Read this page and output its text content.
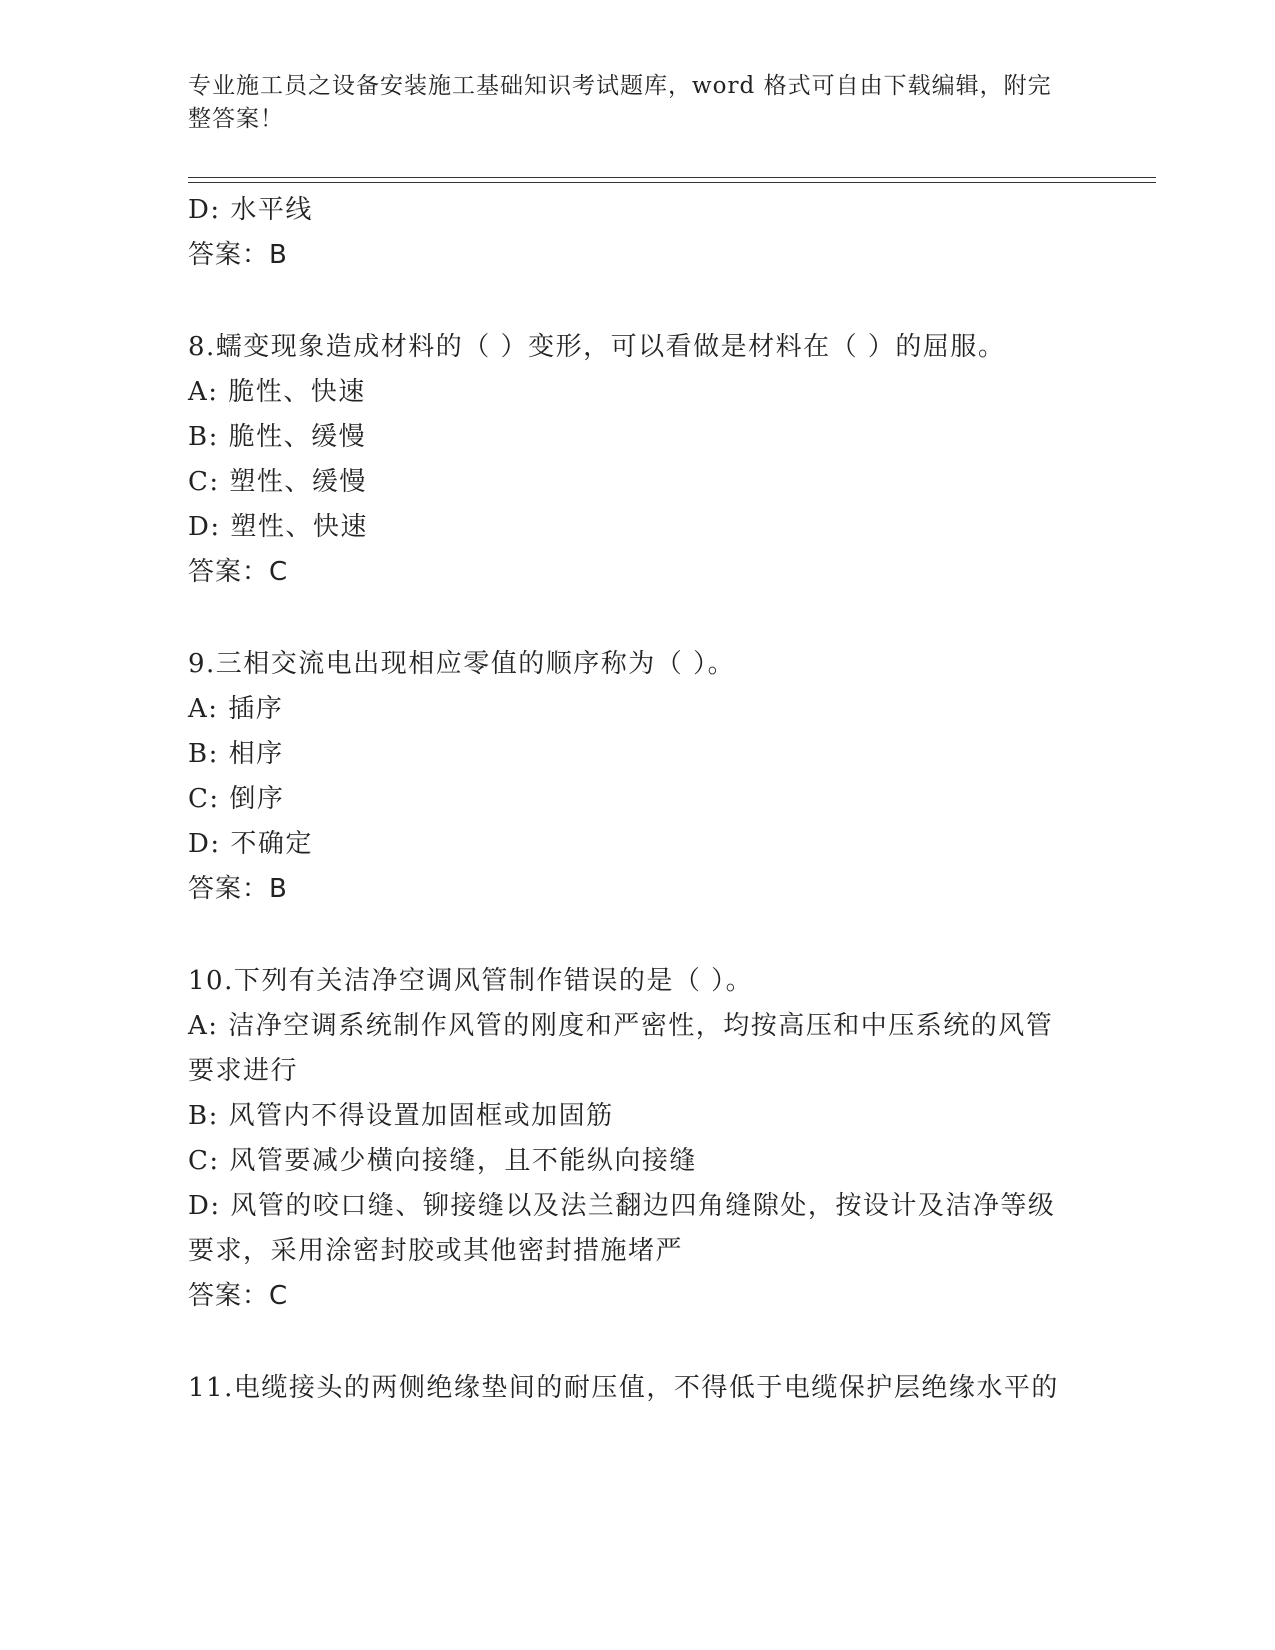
专业施工员之设备安装施工基础知识考试题库，word 格式可自由下载编辑，附完整答案！
D: 水平线
答案：B
8.蠕变现象造成材料的（ ）变形，可以看做是材料在（ ）的屈服。
A: 脆性、快速
B: 脆性、缓慢
C: 塑性、缓慢
D: 塑性、快速
答案：C
9.三相交流电出现相应零值的顺序称为（ ）。
A: 插序
B: 相序
C: 倒序
D: 不确定
答案：B
10.下列有关洁净空调风管制作错误的是（ ）。
A: 洁净空调系统制作风管的刚度和严密性，均按高压和中压系统的风管要求进行
B: 风管内不得设置加固框或加固筋
C: 风管要减少横向接缝，且不能纵向接缝
D: 风管的咬口缝、铆接缝以及法兰翻边四角缝隙处，按设计及洁净等级要求，采用涂密封胶或其他密封措施堵严
答案：C
11.电缆接头的两侧绝缘垫间的耐压值，不得低于电缆保护层绝缘水平的
